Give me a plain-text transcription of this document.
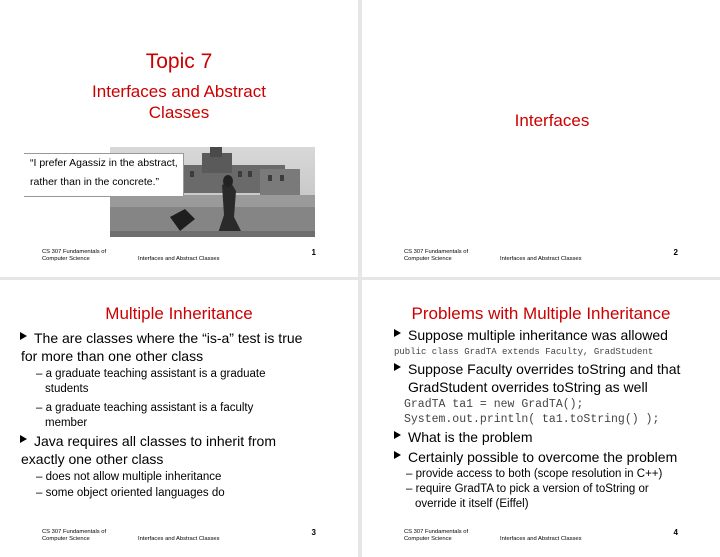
Topic 7
Interfaces and Abstract
Classes
“I prefer Agassiz in the abstract,
rather than in the concrete.”
CS 307 Fundamentals of
Computer Science	Interfaces and Abstract Classes
1
Interfaces
CS 307 Fundamentals of
Computer Science	Interfaces and Abstract Classes
2
Multiple Inheritance
The are classes where the “is-a” test is true
for more than one other class
– a graduate teaching assistant is a graduate
students
– a graduate teaching assistant is a faculty
member
Java requires all classes to inherit from
exactly one other class
– does not allow multiple inheritance
– some object oriented languages do
CS 307 Fundamentals of
Computer Science	Interfaces and Abstract Classes
3
Problems with Multiple Inheritance
Suppose multiple inheritance was allowed
public class GradTA extends Faculty, GradStudent
Suppose Faculty overrides toString and that
GradStudent overrides toString as well
GradTA ta1 = new GradTA();
System.out.println( ta1.toString() );
What is the problem
Certainly possible to overcome the problem
– provide access to both (scope resolution in C++)
– require GradTA to pick a version of toString or
override it itself (Eiffel)
CS 307 Fundamentals of
Computer Science	Interfaces and Abstract Classes
4
